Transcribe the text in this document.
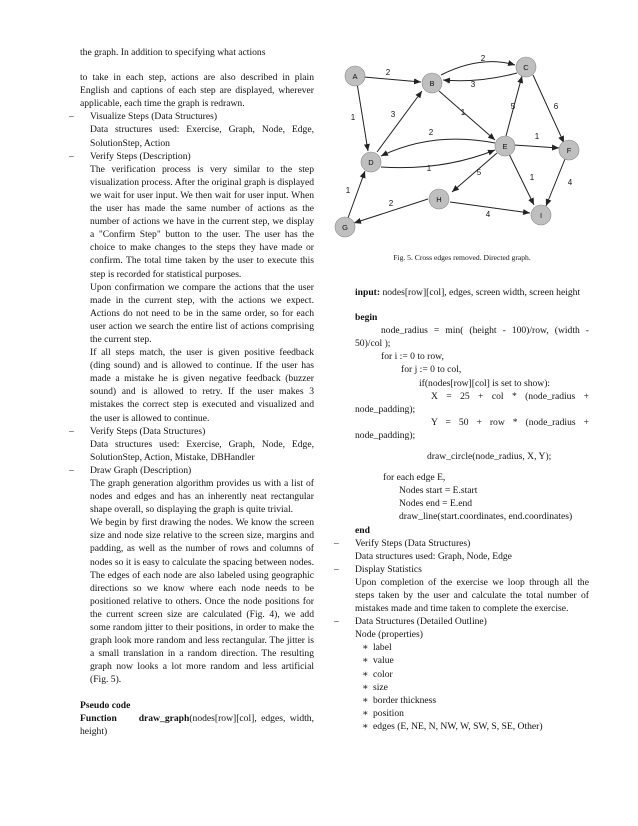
the graph. In addition to specifying what actions

to take in each step, actions are also described in plain English and captions of each step are displayed, wherever applicable, each time the graph is redrawn.

– Visualize Steps (Data Structures)

Data structures used: Exercise, Graph, Node, Edge, SolutionStep, Action

– Verify Steps (Description)

The verification process is very similar to the step visualization process. After the original graph is displayed we wait for user input. We then wait for user input. When the user has made the same number of actions as the number of actions we have in the current step, we display a "Confirm Step" button to the user. The user has the choice to make changes to the steps they have made or confirm. The total time taken by the user to execute this step is recorded for statistical purposes.

Upon confirmation we compare the actions that the user made in the current step, with the actions we expect. Actions do not need to be in the same order, so for each user action we search the entire list of actions comprising the current step.

If all steps match, the user is given positive feedback (ding sound) and is allowed to continue. If the user has made a mistake he is given negative feedback (buzzer sound) and is allowed to retry. If the user makes 3 mistakes the correct step is executed and visualized and the user is allowed to continue.

– Verify Steps (Data Structures)

Data structures used: Exercise, Graph, Node, Edge, SolutionStep, Action, Mistake, DBHandler

– Draw Graph (Description)

The graph generation algorithm provides us with a list of nodes and edges and has an inherently neat rectangular shape overall, so displaying the graph is quite trivial.

We begin by first drawing the nodes. We know the screen size and node size relative to the screen size, margins and padding, as well as the number of rows and columns of nodes so it is easy to calculate the spacing between nodes. The edges of each node are also labeled using geographic directions so we know where each node needs to be positioned relative to others. Once the node positions for the current screen size are calculated (Fig. 4), we add some random jitter to their positions, in order to make the graph look more random and less rectangular. The jitter is a small translation in a random direction. The resulting graph now looks a lot more random and less artificial (Fig. 5).

Pseudo code

Function draw_graph(nodes[row][col], edges, width, height)

2
2
3
1	3	1
2
5	6
1
1	5
1
4
2
4
1
A
B
C
D
E	F
G
H
I
Fig. 5. Cross edges removed. Directed graph.

input: nodes[row][col], edges, screen width, screen height

begin

node_radius = min( (height - 100)/row, (width - 50)/col );

for i := 0 to row,
for j := 0 to col,
if(nodes[row][col] is set to show):

X = 25 + col * (node_radius + node_padding);

Y = 50 + row * (node_radius + node_padding);

draw_circle(node_radius, X, Y);
for each edge E,
Nodes start = E.start
Nodes end = E.end
draw_line(start.coordinates, end.coordinates)
end
– Verify Steps (Data Structures)

Data structures used: Graph, Node, Edge

– Display Statistics

Upon completion of the exercise we loop through all the steps taken by the user and calculate the total number of mistakes made and time taken to complete the exercise.

– Data Structures (Detailed Outline)
Node (properties)
∗ label
∗ value
∗ color
∗ size
∗ border thickness
∗ position
∗ edges (E, NE, N, NW, W, SW, S, SE, Other)
